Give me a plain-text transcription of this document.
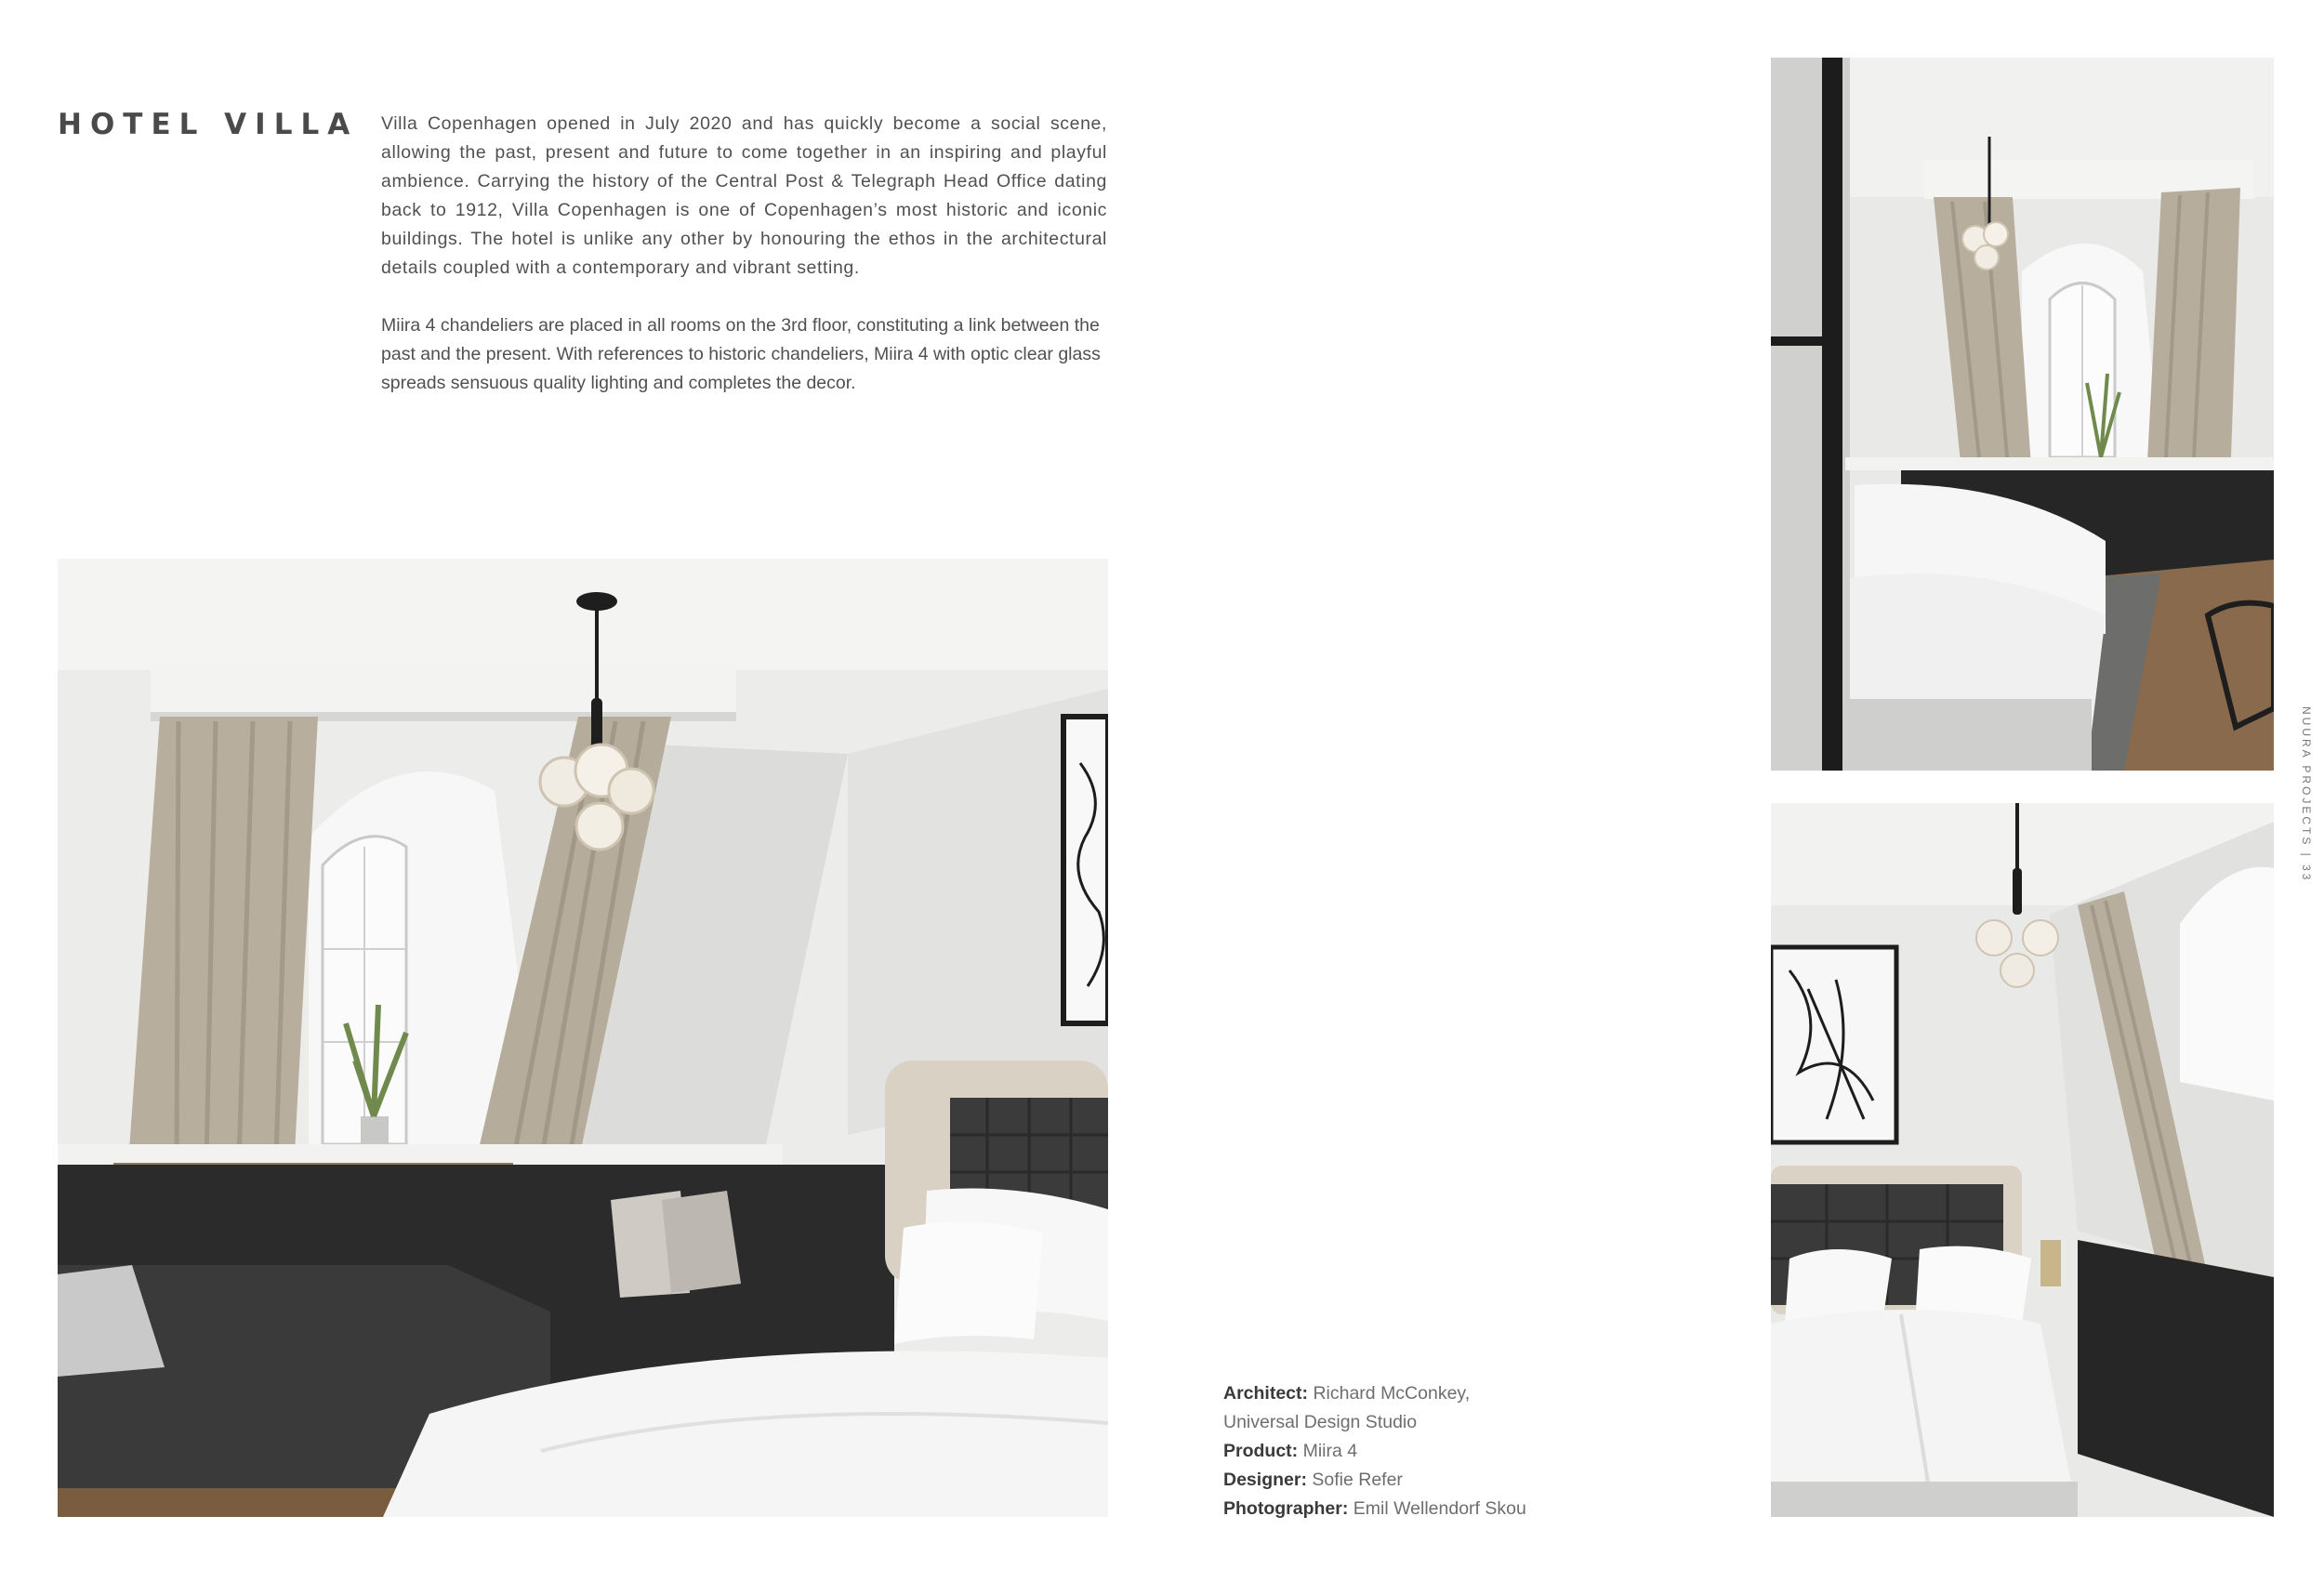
HOTEL VILLA Villa Copenhagen opened in July 2020 and has quickly become a social scene, allowing the past, present and future to come together in an inspiring and playful ambience. Carrying the history of the Central Post & Telegraph Head Office dating back to 1912, Villa Copenhagen is one of Copenhagen’s most historic and iconic buildings. The hotel is unlike any other by honouring the ethos in the architectural details coupled with a contemporary and vibrant setting.

Miira 4 chandeliers are placed in all rooms on the 3rd floor, constituting a link between the past and the present. With references to historic chandeliers, Miira 4 with optic clear glass spreads sensuous quality lighting and completes the decor.

Architect: Richard McConkey,
Universal Design Studio
Product: Miira 4
Designer: Sofie Refer
Photographer: Emil Wellendorf Skou
NUURA PROJECTS | 33
